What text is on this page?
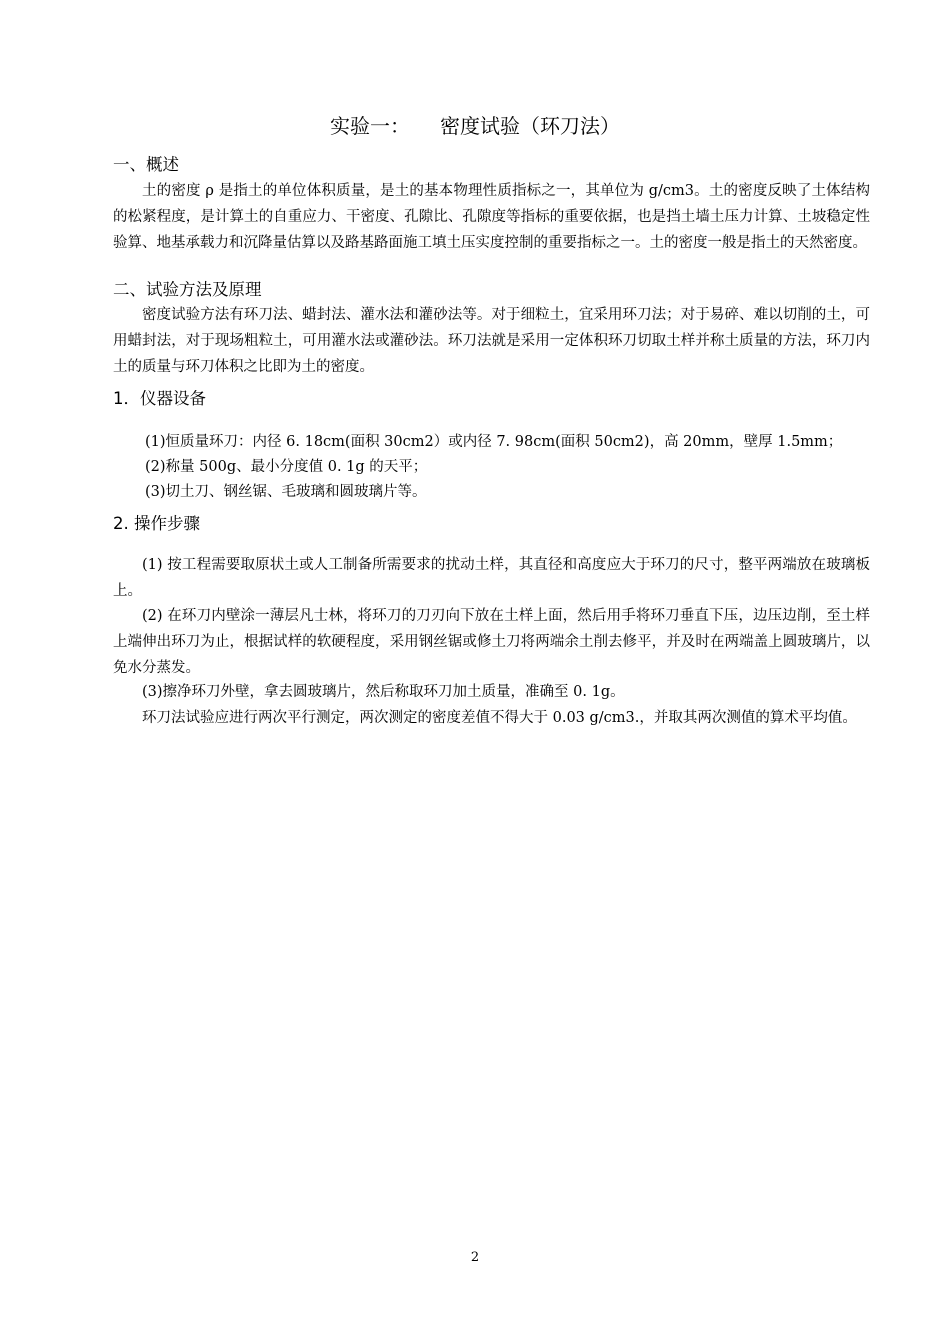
实验一： 密度试验（环刀法）
一、概述

土的密度 ρ 是指土的单位体积质量，是土的基本物理性质指标之一，其单位为 g/cm3。土的密度反映了土体结构的松紧程度，是计算土的自重应力、干密度、孔隙比、孔隙度等指标的重要依据，也是挡土墙土压力计算、土坡稳定性验算、地基承载力和沉降量估算以及路基路面施工填土压实度控制的重要指标之一。土的密度一般是指土的天然密度。

二、试验方法及原理

密度试验方法有环刀法、蜡封法、灌水法和灌砂法等。对于细粒土，宜采用环刀法；对于易碎、难以切削的土，可用蜡封法，对于现场粗粒土，可用灌水法或灌砂法。环刀法就是采用一定体积环刀切取土样并称土质量的方法，环刀内土的质量与环刀体积之比即为土的密度。

1．仪器设备
(1)恒质量环刀：内径 6. 18cm(面积 30cm2）或内径 7. 98cm(面积 50cm2)，高 20mm，壁厚 1.5mm；
(2)称量 500g、最小分度值 0. 1g 的天平；
(3)切土刀、钢丝锯、毛玻璃和圆玻璃片等。
2. 操作步骤

(1) 按工程需要取原状土或人工制备所需要求的扰动土样，其直径和高度应大于环刀的尺寸，整平两端放在玻璃板上。

(2) 在环刀内壁涂一薄层凡士林，将环刀的刀刃向下放在土样上面，然后用手将环刀垂直下压，边压边削，至土样上端伸出环刀为止，根据试样的软硬程度，采用钢丝锯或修土刀将两端余土削去修平，并及时在两端盖上圆玻璃片，以免水分蒸发。

(3)擦净环刀外壁，拿去圆玻璃片，然后称取环刀加土质量，准确至 0. 1g。

环刀法试验应进行两次平行测定，两次测定的密度差值不得大于 0.03 g/cm3.，并取其两次测值的算术平均值。

2
